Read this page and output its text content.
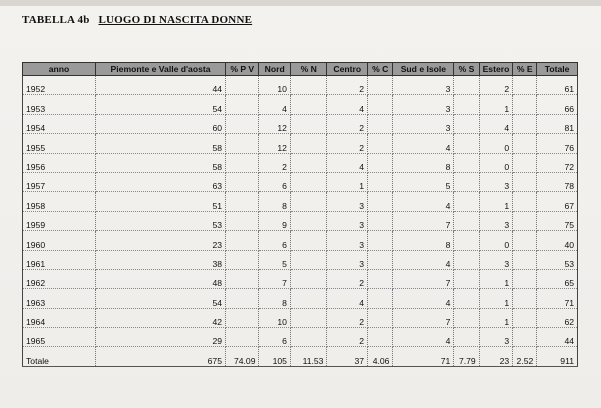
TABELLA 4b LUOGO DI NASCITA DONNE
anno	Piemonte e Valle d'aosta	% P V	Nord	% N	Centro	% C	Sud e Isole	% S	Estero	% E	Totale
1952	44		10		2		3		2		61
1953	54		4		4		3		1		66
1954	60		12		2		3		4		81
1955	58		12		2		4		0		76
1956	58		2		4		8		0		72
1957	63		6		1		5		3		78
1958	51		8		3		4		1		67
1959	53		9		3		7		3		75
1960	23		6		3		8		0		40
1961	38		5		3		4		3		53
1962	48		7		2		7		1		65
1963	54		8		4		4		1		71
1964	42		10		2		7		1		62
1965	29		6		2		4		3		44
Totale	675	74.09	105	11.53	37	4.06	71	7.79	23	2.52	911
